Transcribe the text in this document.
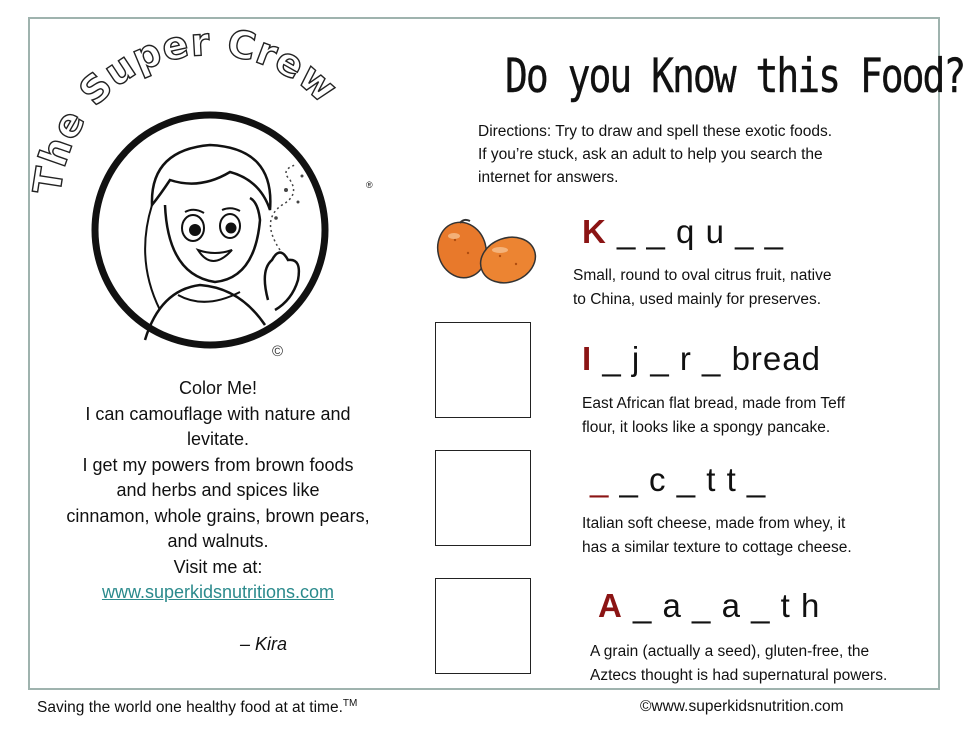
The Super Crew
®
©
Color Me!
I can camouflage with nature and
levitate.
I get my powers from brown foods
and herbs and spices like
cinnamon, whole grains, brown pears,
and walnuts.
Visit me at:
www.superkidsnutritions.com
– Kira
Do you Know this Food?
Directions: Try to draw and spell these exotic foods.
If you’re stuck, ask an adult to help you search the
internet for answers.
K _ _ q u _ _
Small, round to oval citrus fruit, native
to China, used mainly for preserves.
I _ j _ r _ bread
East African flat bread, made from Teff
flour, it looks like a spongy pancake.
_ _ c _ t t _
Italian soft cheese, made from whey, it
has a similar texture to cottage cheese.
A _ a _ a _ t h
A grain (actually a seed), gluten-free, the
Aztecs thought is had supernatural powers.
Saving the world one healthy food at at time.™	©www.superkidsnutrition.com
